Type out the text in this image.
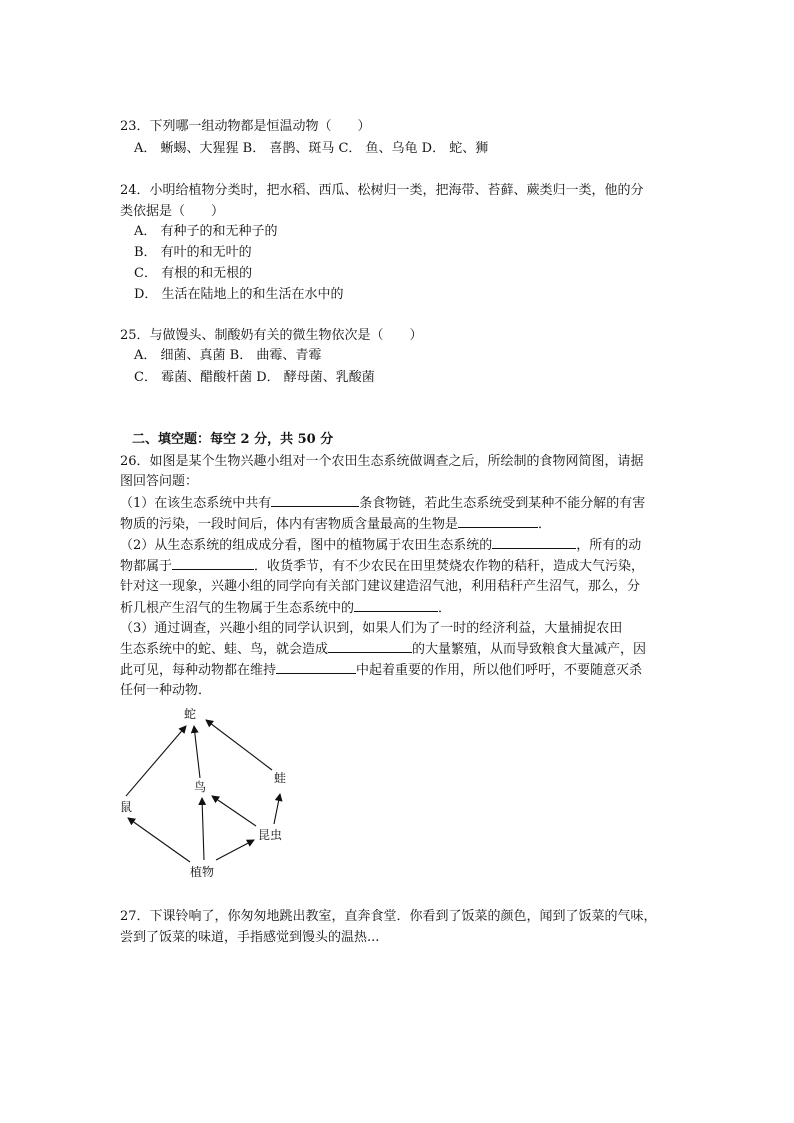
23．下列哪一组动物都是恒温动物（　　）
A． 蜥蜴、大猩猩 B． 喜鹊、斑马 C． 鱼、乌龟 D． 蛇、狮
24．小明给植物分类时，把水稻、西瓜、松树归一类，把海带、苔藓、蕨类归一类，他的分
类依据是（　　）
A． 有种子的和无种子的
B． 有叶的和无叶的
C． 有根的和无根的
D． 生活在陆地上的和生活在水中的
25．与做馒头、制酸奶有关的微生物依次是（　　）
A． 细菌、真菌 B． 曲霉、青霉
C． 霉菌、醋酸杆菌 D． 酵母菌、乳酸菌
二、填空题：每空 2 分，共 50 分
26．如图是某个生物兴趣小组对一个农田生态系统做调查之后，所绘制的食物网简图，请据
图回答问题：
（1）在该生态系统中共有	条食物链，若此生态系统受到某种不能分解的有害
物质的污染，一段时间后，体内有害物质含量最高的生物是	．
（2）从生态系统的组成成分看，图中的植物属于农田生态系统的	，所有的动
物都属于	．收货季节，有不少农民在田里焚烧农作物的秸秆，造成大气污染，
针对这一现象，兴趣小组的同学向有关部门建议建造沼气池，利用秸秆产生沼气，那么，分
析几根产生沼气的生物属于生态系统中的	．
（3）通过调查，兴趣小组的同学认识到，如果人们为了一时的经济利益，大量捕捉农田
生态系统中的蛇、蛙、鸟，就会造成	的大量繁殖，从而导致粮食大量减产，因
此可见，每种动物都在维持	中起着重要的作用，所以他们呼吁，不要随意灭杀
任何一种动物．
蛇
鸟
蛙
鼠
昆虫
植物
27．下课铃响了，你匆匆地跳出教室，直奔食堂．你看到了饭菜的颜色，闻到了饭菜的气味，
尝到了饭菜的味道，手指感觉到馒头的温热...
